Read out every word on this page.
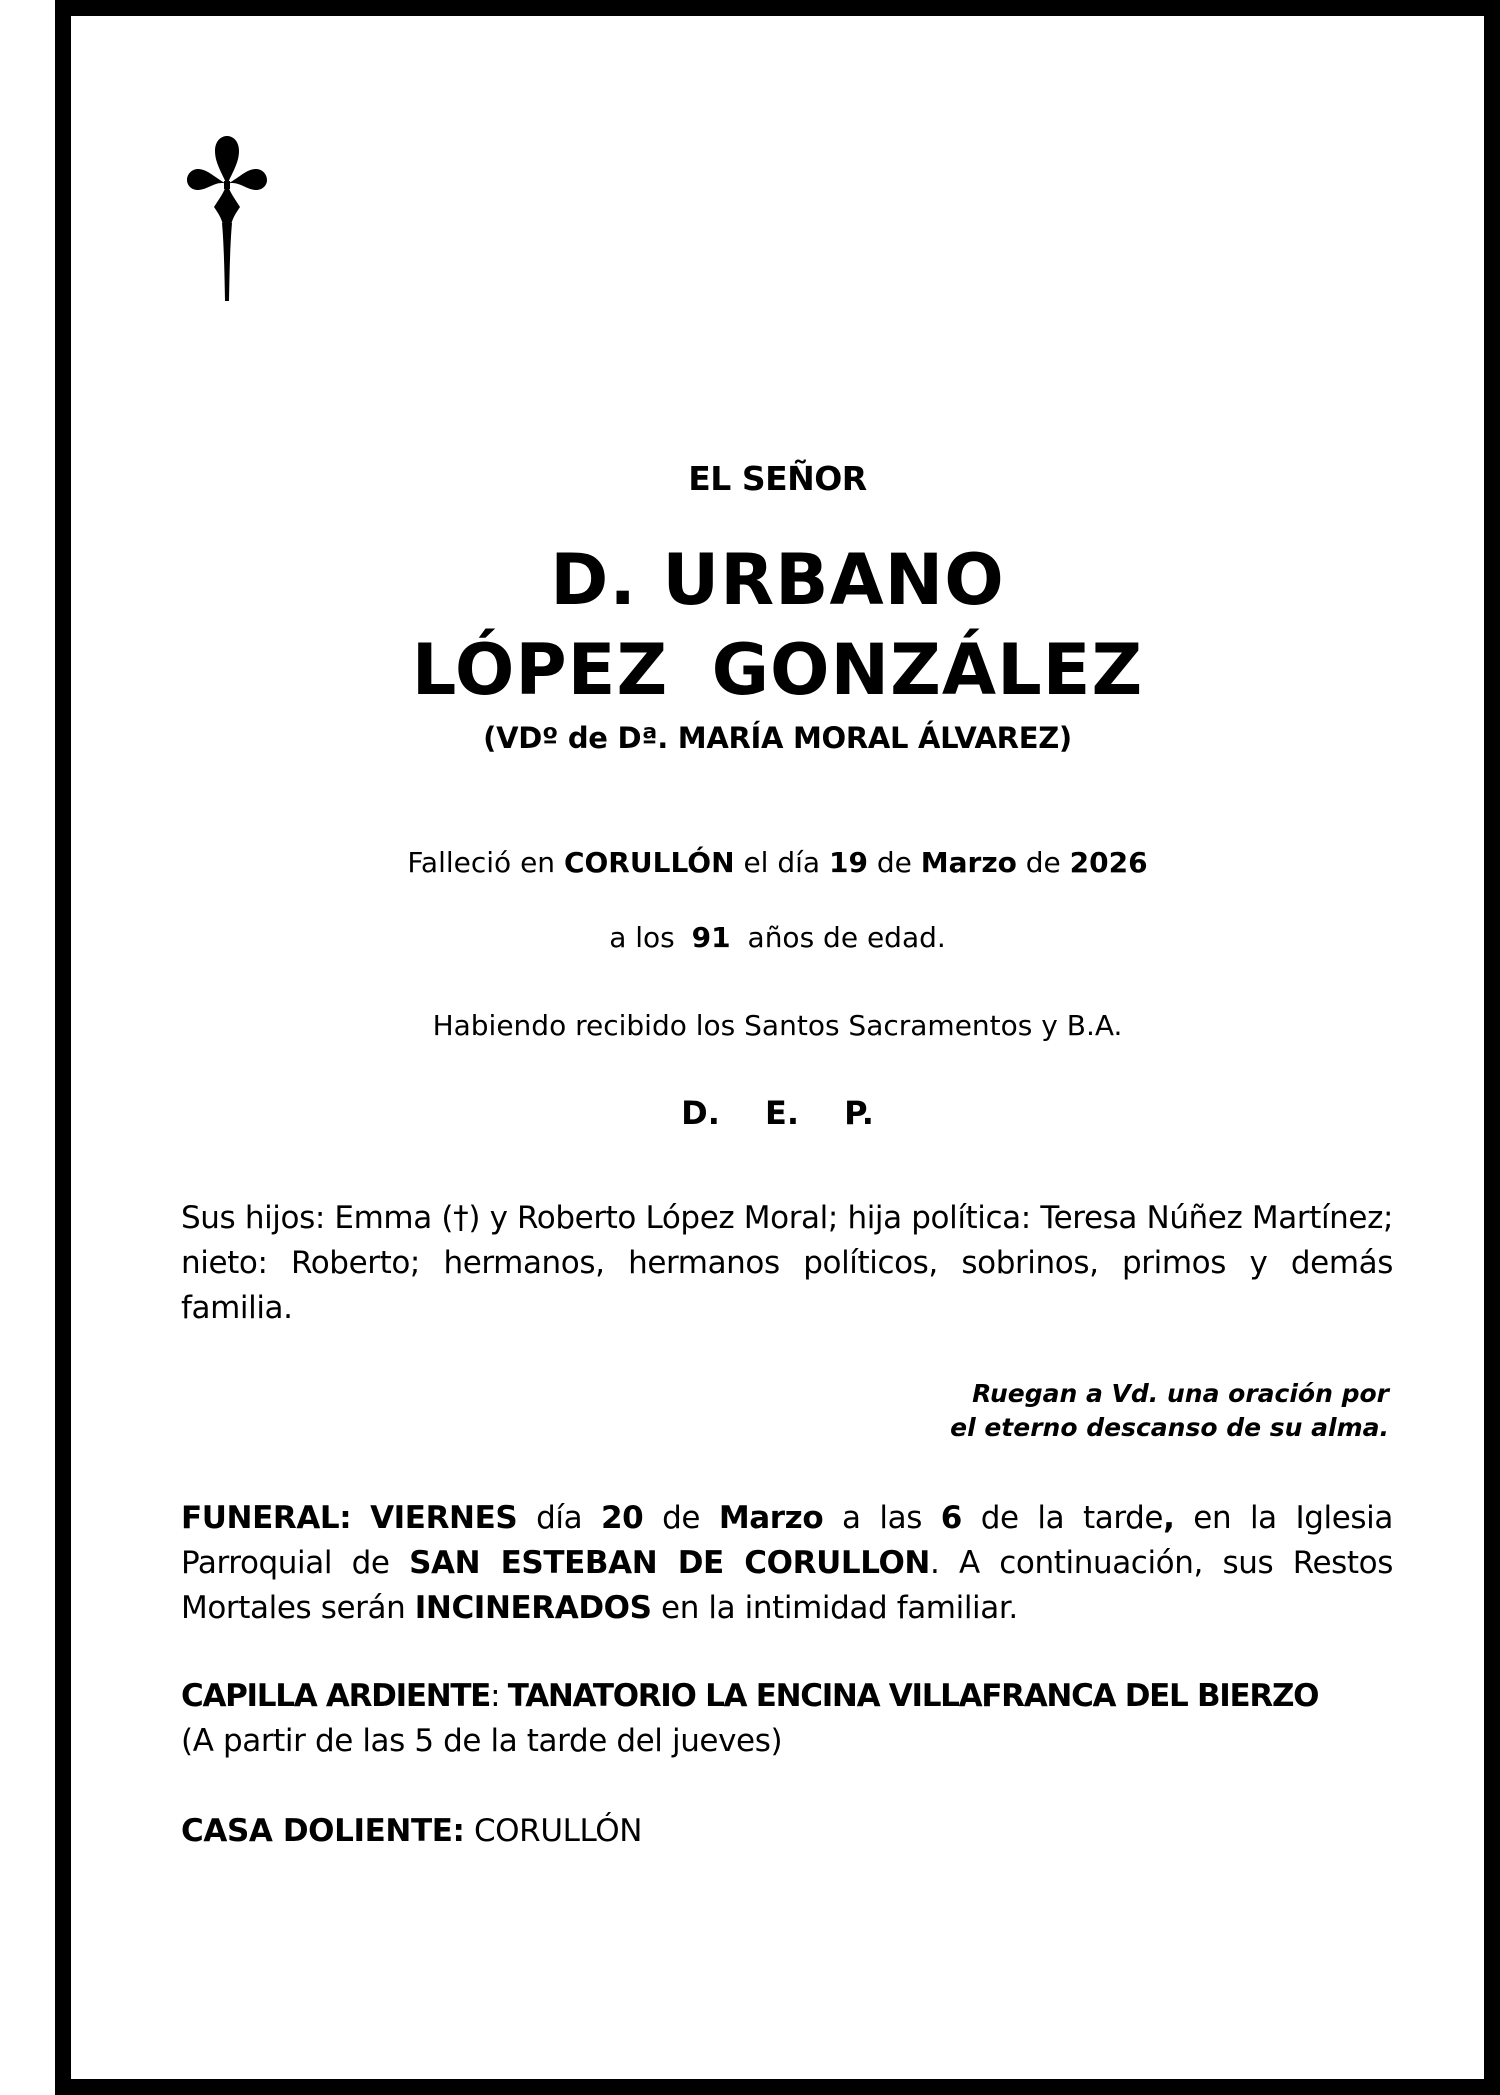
EL SEÑOR
D. URBANO
LÓPEZ GONZÁLEZ
(VDº de Dª. MARÍA MORAL ÁLVAREZ)
Falleció en CORULLÓN el día 19 de Marzo de 2026
a los 91 años de edad.
Habiendo recibido los Santos Sacramentos y B.A.
D. E. P.
Sus hijos: Emma (†) y Roberto López Moral; hija política: Teresa Núñez Martínez; nieto: Roberto; hermanos, hermanos políticos, sobrinos, primos y demás familia.
Ruegan a Vd. una oración por
el eterno descanso de su alma.
FUNERAL: VIERNES día 20 de Marzo a las 6 de la tarde, en la Iglesia Parroquial de SAN ESTEBAN DE CORULLON. A continuación, sus Restos Mortales serán INCINERADOS en la intimidad familiar.
CAPILLA ARDIENTE: TANATORIO LA ENCINA VILLAFRANCA DEL BIERZO
(A partir de las 5 de la tarde del jueves)
CASA DOLIENTE: CORULLÓN
